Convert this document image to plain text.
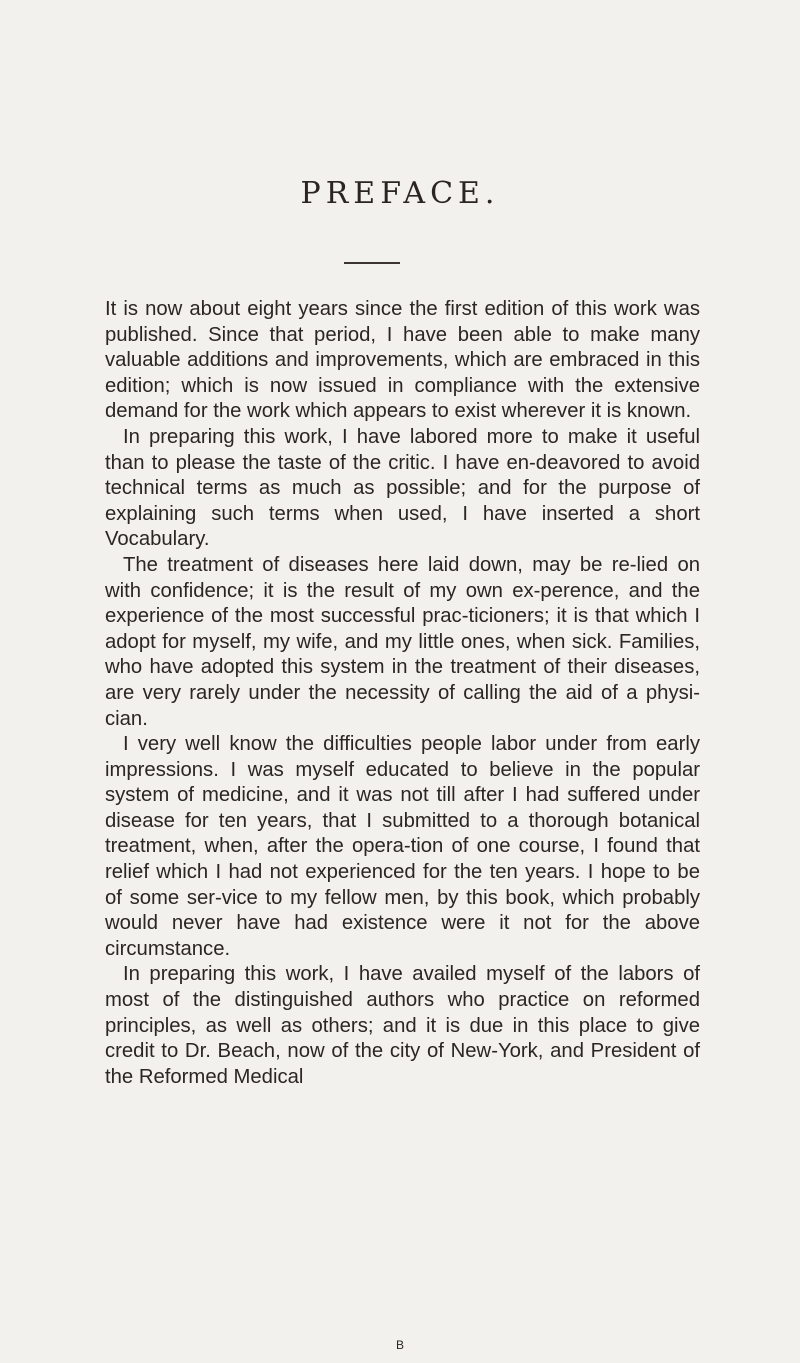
PREFACE.

It is now about eight years since the first edition of this work was published. Since that period, I have been able to make many valuable additions and improvements, which are embraced in this edition; which is now issued in compliance with the extensive demand for the work which appears to exist wherever it is known.

In preparing this work, I have labored more to make it useful than to please the taste of the critic. I have en-deavored to avoid technical terms as much as possible; and for the purpose of explaining such terms when used, I have inserted a short Vocabulary.

The treatment of diseases here laid down, may be re-lied on with confidence; it is the result of my own ex-perence, and the experience of the most successful prac-ticioners; it is that which I adopt for myself, my wife, and my little ones, when sick. Families, who have adopted this system in the treatment of their diseases, are very rarely under the necessity of calling the aid of a physi-cian.

I very well know the difficulties people labor under from early impressions. I was myself educated to believe in the popular system of medicine, and it was not till after I had suffered under disease for ten years, that I submitted to a thorough botanical treatment, when, after the opera-tion of one course, I found that relief which I had not experienced for the ten years. I hope to be of some ser-vice to my fellow men, by this book, which probably would never have had existence were it not for the above circumstance.

In preparing this work, I have availed myself of the labors of most of the distinguished authors who practice on reformed principles, as well as others; and it is due in this place to give credit to Dr. Beach, now of the city of New-York, and President of the Reformed Medical

B
